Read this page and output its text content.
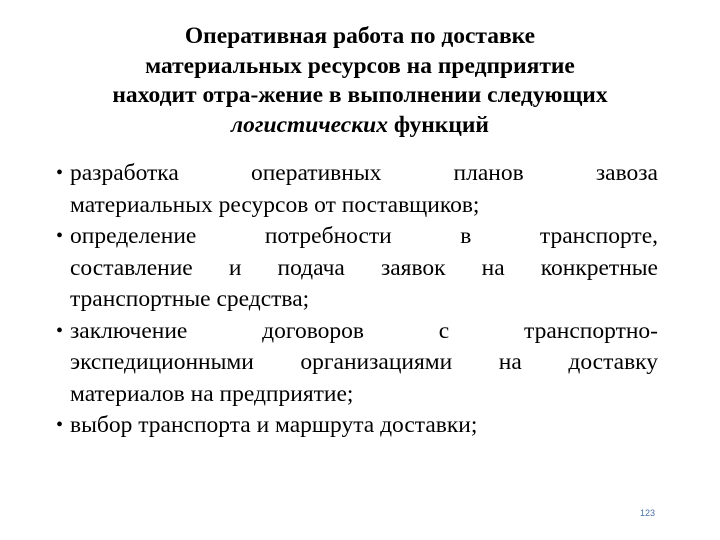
Оперативная работа по доставке
материальных ресурсов на предприятие
находит отра-жение в выполнении следующих
логистических функций
• разработка оперативных планов завоза
материальных ресурсов от поставщиков;
• определение потребности в транспорте,
составление и подача заявок на конкретные
транспортные средства;
• заключение договоров с транспортно-
экспедиционными организациями на доставку
материалов на предприятие;
• выбор транспорта и маршрута доставки;
123
